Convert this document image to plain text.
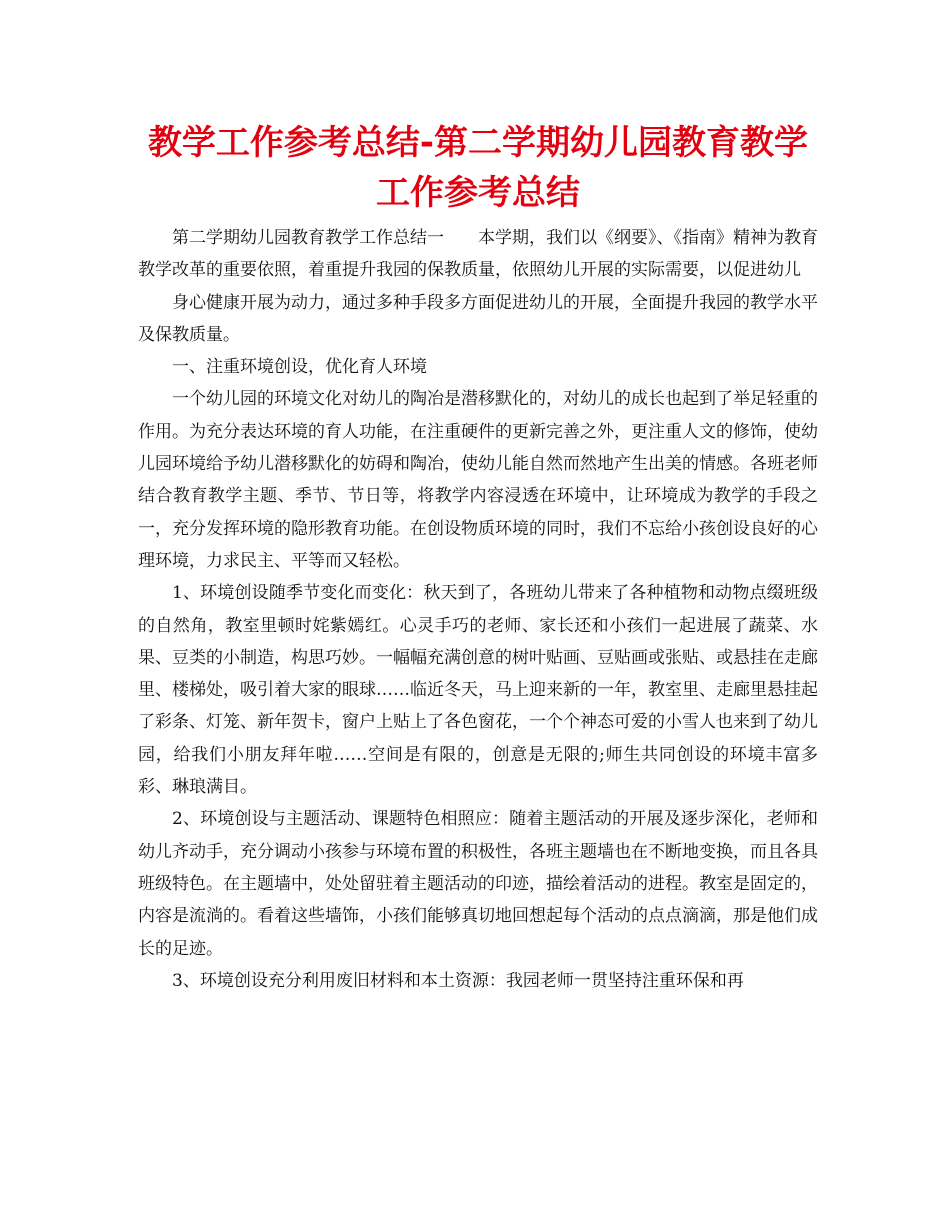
教学工作参考总结-第二学期幼儿园教育教学工作参考总结

第二学期幼儿园教育教学工作总结一　　本学期，我们以《纲要》、《指南》精神为教育教学改革的重要依照，着重提升我园的保教质量，依照幼儿开展的实际需要，以促进幼儿

身心健康开展为动力，通过多种手段多方面促进幼儿的开展，全面提升我园的教学水平及保教质量。

一、注重环境创设，优化育人环境

一个幼儿园的环境文化对幼儿的陶冶是潜移默化的，对幼儿的成长也起到了举足轻重的作用。为充分表达环境的育人功能，在注重硬件的更新完善之外，更注重人文的修饰，使幼儿园环境给予幼儿潜移默化的妨碍和陶冶，使幼儿能自然而然地产生出美的情感。各班老师结合教育教学主题、季节、节日等，将教学内容浸透在环境中，让环境成为教学的手段之一，充分发挥环境的隐形教育功能。在创设物质环境的同时，我们不忘给小孩创设良好的心理环境，力求民主、平等而又轻松。

1、环境创设随季节变化而变化：秋天到了，各班幼儿带来了各种植物和动物点缀班级的自然角，教室里顿时姹紫嫣红。心灵手巧的老师、家长还和小孩们一起进展了蔬菜、水果、豆类的小制造，构思巧妙。一幅幅充满创意的树叶贴画、豆贴画或张贴、或悬挂在走廊里、楼梯处，吸引着大家的眼球……临近冬天，马上迎来新的一年，教室里、走廊里悬挂起了彩条、灯笼、新年贺卡，窗户上贴上了各色窗花，一个个神态可爱的小雪人也来到了幼儿园，给我们小朋友拜年啦……空间是有限的，创意是无限的;师生共同创设的环境丰富多彩、琳琅满目。

2、环境创设与主题活动、课题特色相照应：随着主题活动的开展及逐步深化，老师和幼儿齐动手，充分调动小孩参与环境布置的积极性，各班主题墙也在不断地变换，而且各具班级特色。在主题墙中，处处留驻着主题活动的印迹，描绘着活动的进程。教室是固定的，内容是流淌的。看着这些墙饰，小孩们能够真切地回想起每个活动的点点滴滴，那是他们成长的足迹。

3、环境创设充分利用废旧材料和本土资源：我园老师一贯坚持注重环保和再
